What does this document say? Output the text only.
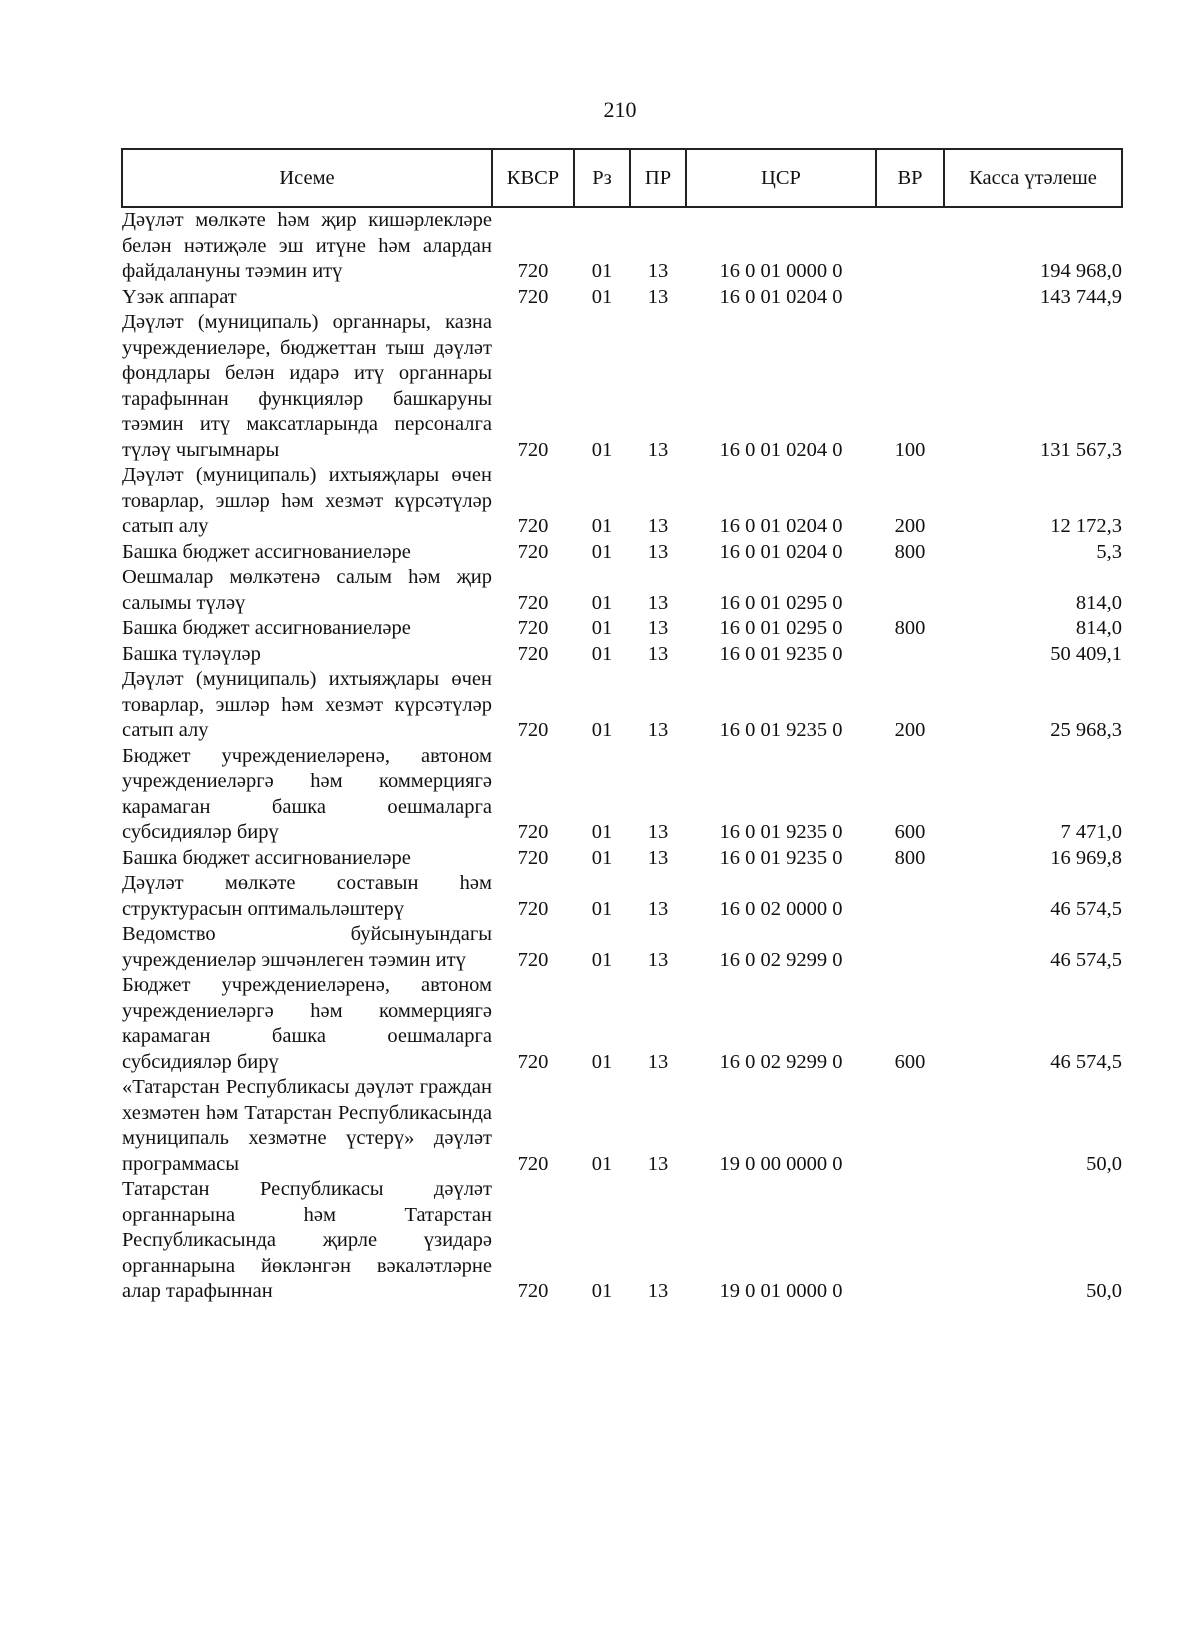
210
Исеме	КВСР	Рз	ПР	ЦСР	ВР	Касса үтәлеше
Дәүләт мөлкәте һәм җир кишәрлекләре белән нәтиҗәле эш итүне һәм алардан файдалануны тәэмин итү	720	01	13	16 0 01 0000 0		194 968,0
Үзәк аппарат	720	01	13	16 0 01 0204 0		143 744,9
Дәүләт (муниципаль) органнары, казна учреждениеләре, бюджеттан тыш дәүләт фондлары белән идарә итү органнары тарафыннан функцияләр башкаруны тәэмин итү максатларында персоналга түләү чыгымнары	720	01	13	16 0 01 0204 0	100	131 567,3
Дәүләт (муниципаль) ихтыяҗлары өчен товарлар, эшләр һәм хезмәт күрсәтүләр сатып алу	720	01	13	16 0 01 0204 0	200	12 172,3
Башка бюджет ассигнованиеләре	720	01	13	16 0 01 0204 0	800	5,3
Оешмалар мөлкәтенә салым һәм җир салымы түләү	720	01	13	16 0 01 0295 0		814,0
Башка бюджет ассигнованиеләре	720	01	13	16 0 01 0295 0	800	814,0
Башка түләүләр	720	01	13	16 0 01 9235 0		50 409,1
Дәүләт (муниципаль) ихтыяҗлары өчен товарлар, эшләр һәм хезмәт күрсәтүләр сатып алу	720	01	13	16 0 01 9235 0	200	25 968,3
Бюджет учреждениеләренә, автоном учреждениеләргә һәм коммерциягә карамаган башка оешмаларга субсидияләр бирү	720	01	13	16 0 01 9235 0	600	7 471,0
Башка бюджет ассигнованиеләре	720	01	13	16 0 01 9235 0	800	16 969,8
Дәүләт мөлкәте составын һәм структурасын оптимальләштерү	720	01	13	16 0 02 0000 0		46 574,5
Ведомство буйсынуындагы учреждениеләр эшчәнлеген тәэмин итү	720	01	13	16 0 02 9299 0		46 574,5
Бюджет учреждениеләренә, автоном учреждениеләргә һәм коммерциягә карамаган башка оешмаларга субсидияләр бирү	720	01	13	16 0 02 9299 0	600	46 574,5
«Татарстан Республикасы дәүләт граждан хезмәтен һәм Татарстан Республикасында муниципаль хезмәтне үстерү» дәүләт программасы	720	01	13	19 0 00 0000 0		50,0
Татарстан Республикасы дәүләт органнарына һәм Татарстан Республикасында җирле үзидарә органнарына йөкләнгән вәкаләтләрне алар тарафыннан	720	01	13	19 0 01 0000 0		50,0
